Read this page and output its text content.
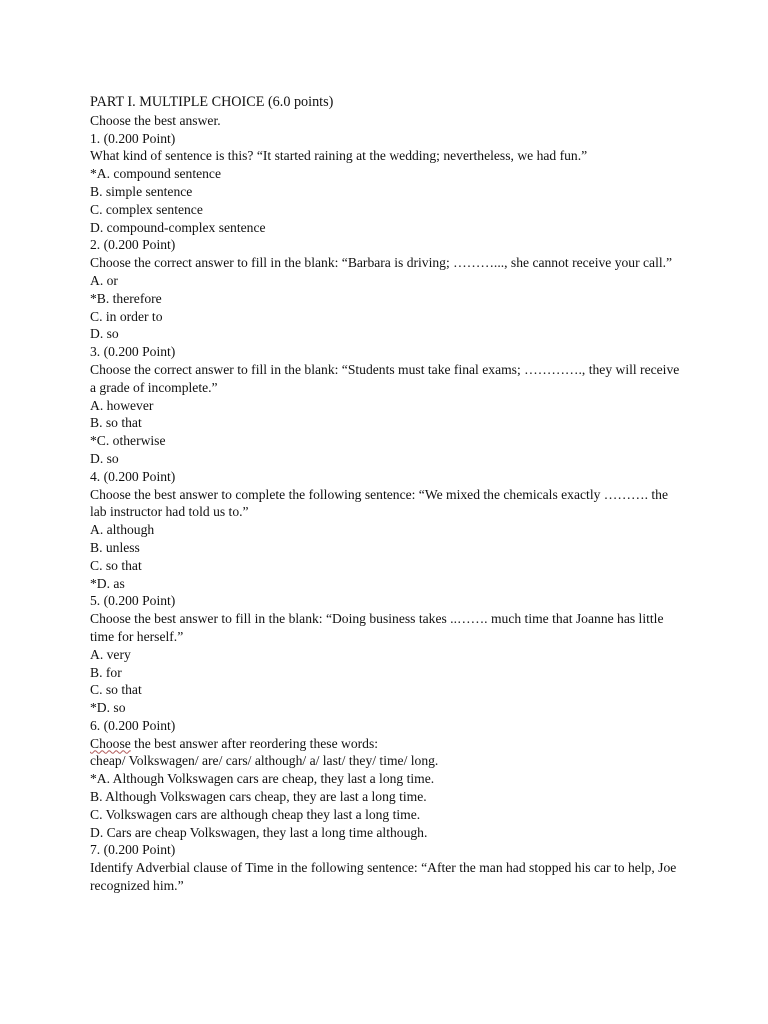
PART I. MULTIPLE CHOICE (6.0 points)
Choose the best answer.
1. (0.200 Point)
What kind of sentence is this? “It started raining at the wedding; nevertheless, we had fun.”
*A. compound sentence
B. simple sentence
C. complex sentence
D. compound-complex sentence
2. (0.200 Point)
Choose the correct answer to fill in the blank: “Barbara is driving; ………..., she cannot receive your call.”
A. or
*B. therefore
C. in order to
D. so
3. (0.200 Point)
Choose the correct answer to fill in the blank: “Students must take final exams; …………., they will receive a grade of incomplete.”
A. however
B. so that
*C. otherwise
D. so
4. (0.200 Point)
Choose the best answer to complete the following sentence: “We mixed the chemicals exactly ………. the lab instructor had told us to.”
A. although
B. unless
C. so that
*D. as
5. (0.200 Point)
Choose the best answer to fill in the blank: “Doing business takes ..……. much time that Joanne has little time for herself.”
A. very
B. for
C. so that
*D. so
6. (0.200 Point)
Choose the best answer after reordering these words:
cheap/ Volkswagen/ are/ cars/ although/ a/ last/ they/ time/ long.
*A. Although Volkswagen cars are cheap, they last a long time.
B. Although Volkswagen cars cheap, they are last a long time.
C. Volkswagen cars are although cheap they last a long time.
D. Cars are cheap Volkswagen, they last a long time although.
7. (0.200 Point)
Identify Adverbial clause of Time in the following sentence: “After the man had stopped his car to help, Joe recognized him.”
